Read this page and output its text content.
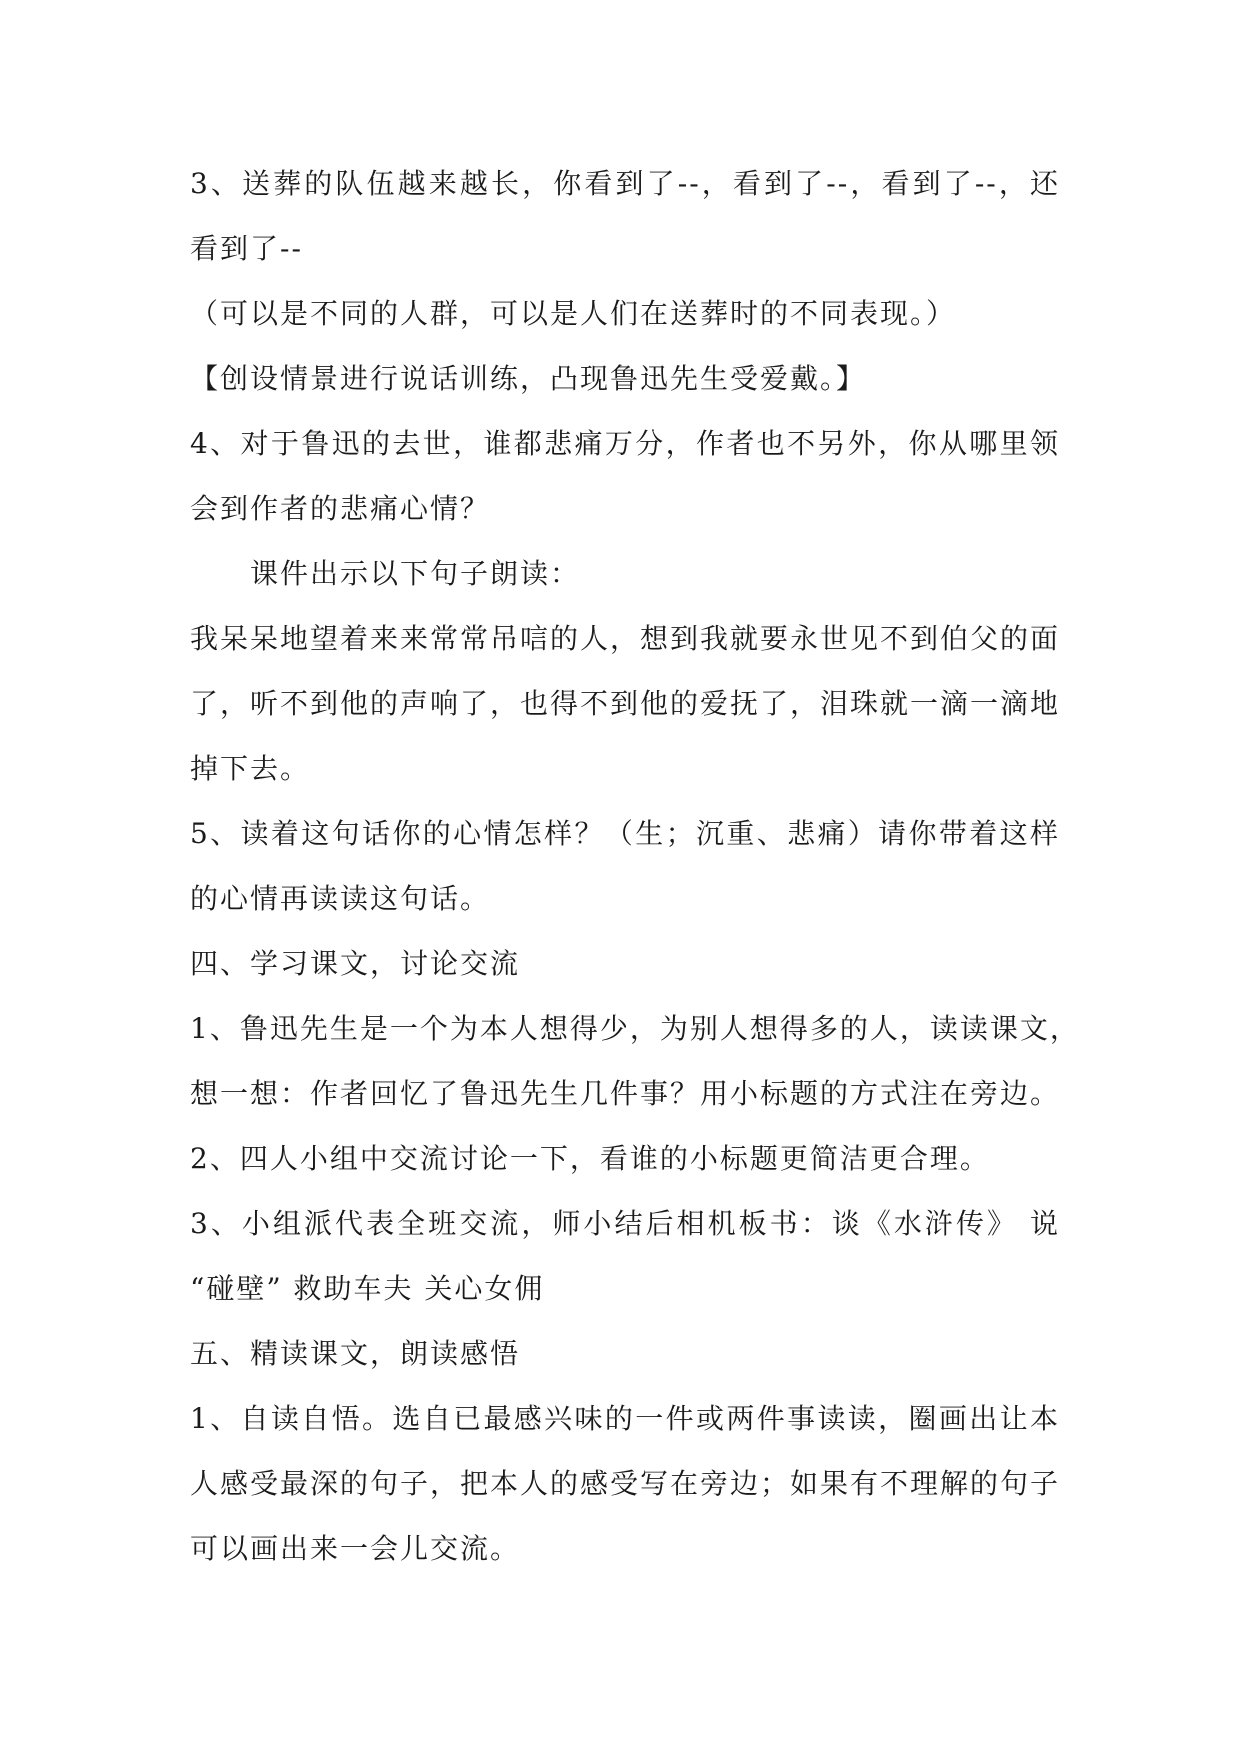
3、送葬的队伍越来越长，你看到了--，看到了--，看到了--，还
看到了--
（可以是不同的人群，可以是人们在送葬时的不同表现。）
【创设情景进行说话训练，凸现鲁迅先生受爱戴。】
4、对于鲁迅的去世，谁都悲痛万分，作者也不另外，你从哪里领
会到作者的悲痛心情？
课件出示以下句子朗读：
我呆呆地望着来来常常吊唁的人，想到我就要永世见不到伯父的面
了，听不到他的声响了，也得不到他的爱抚了，泪珠就一滴一滴地
掉下去。
5、读着这句话你的心情怎样？（生；沉重、悲痛）请你带着这样
的心情再读读这句话。
四、学习课文，讨论交流
1、鲁迅先生是一个为本人想得少，为别人想得多的人，读读课文，
想一想：作者回忆了鲁迅先生几件事？用小标题的方式注在旁边。
2、四人小组中交流讨论一下，看谁的小标题更简洁更合理。
3、小组派代表全班交流，师小结后相机板书：谈《水浒传》 说
“碰壁” 救助车夫 关心女佣
五、精读课文，朗读感悟
1、自读自悟。选自已最感兴味的一件或两件事读读，圈画出让本
人感受最深的句子，把本人的感受写在旁边；如果有不理解的句子
可以画出来一会儿交流。
